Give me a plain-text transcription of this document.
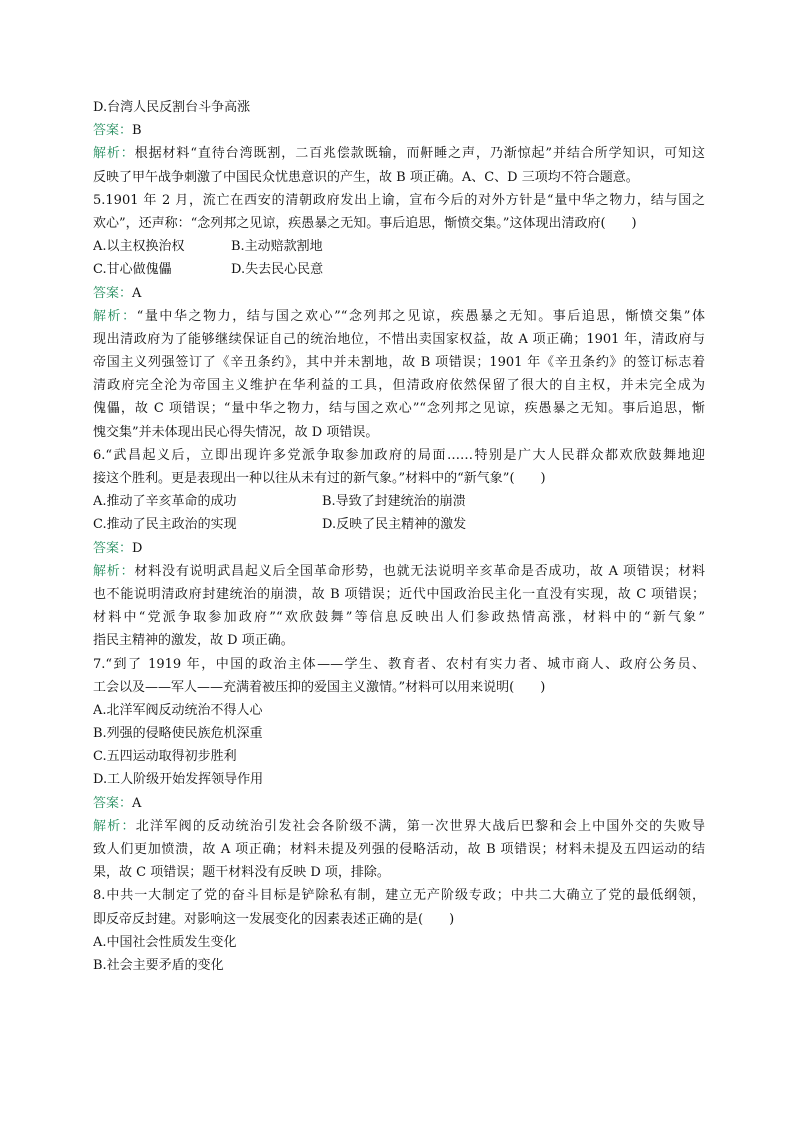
D.台湾人民反割台斗争高涨
答案：B
解析：根据材料“直待台湾既割，二百兆偿款既输，而鼾睡之声，乃渐惊起”并结合所学知识，可知这
反映了甲午战争刺激了中国民众忧患意识的产生，故 B 项正确。A、C、D 三项均不符合题意。
5.1901 年 2 月，流亡在西安的清朝政府发出上谕，宣布今后的对外方针是“量中华之物力，结与国之
欢心”，还声称：“念列邦之见谅，疾愚暴之无知。事后追思，惭愤交集。”这体现出清政府(　　)
A.以主权换治权	B.主动赔款割地
C.甘心做傀儡	D.失去民心民意
答案：A
解析：“量中华之物力，结与国之欢心”“念列邦之见谅，疾愚暴之无知。事后追思，惭愤交集”体
现出清政府为了能够继续保证自己的统治地位，不惜出卖国家权益，故 A 项正确；1901 年，清政府与
帝国主义列强签订了《辛丑条约》，其中并未割地，故 B 项错误；1901 年《辛丑条约》的签订标志着
清政府完全沦为帝国主义维护在华利益的工具，但清政府依然保留了很大的自主权，并未完全成为
傀儡，故 C 项错误；“量中华之物力，结与国之欢心”“念列邦之见谅，疾愚暴之无知。事后追思，惭
愧交集”并未体现出民心得失情况，故 D 项错误。
6.“武昌起义后，立即出现许多党派争取参加政府的局面……特别是广大人民群众都欢欣鼓舞地迎
接这个胜利。更是表现出一种以往从未有过的新气象。”材料中的“新气象”(　　)
A.推动了辛亥革命的成功	B.导致了封建统治的崩溃
C.推动了民主政治的实现	D.反映了民主精神的激发
答案：D
解析：材料没有说明武昌起义后全国革命形势，也就无法说明辛亥革命是否成功，故 A 项错误；材料
也不能说明清政府封建统治的崩溃，故 B 项错误；近代中国政治民主化一直没有实现，故 C 项错误；
材料中“党派争取参加政府”“欢欣鼓舞”等信息反映出人们参政热情高涨，材料中的“新气象”
指民主精神的激发，故 D 项正确。
7.“到了 1919 年，中国的政治主体——学生、教育者、农村有实力者、城市商人、政府公务员、
工会以及——军人——充满着被压抑的爱国主义激情。”材料可以用来说明(　　)
A.北洋军阀反动统治不得人心
B.列强的侵略使民族危机深重
C.五四运动取得初步胜利
D.工人阶级开始发挥领导作用
答案：A
解析：北洋军阀的反动统治引发社会各阶级不满，第一次世界大战后巴黎和会上中国外交的失败导
致人们更加愤溃，故 A 项正确；材料未提及列强的侵略活动，故 B 项错误；材料未提及五四运动的结
果，故 C 项错误；题干材料没有反映 D 项，排除。
8.中共一大制定了党的奋斗目标是铲除私有制，建立无产阶级专政；中共二大确立了党的最低纲领，
即反帝反封建。对影响这一发展变化的因素表述正确的是(　　)
A.中国社会性质发生变化
B.社会主要矛盾的变化
